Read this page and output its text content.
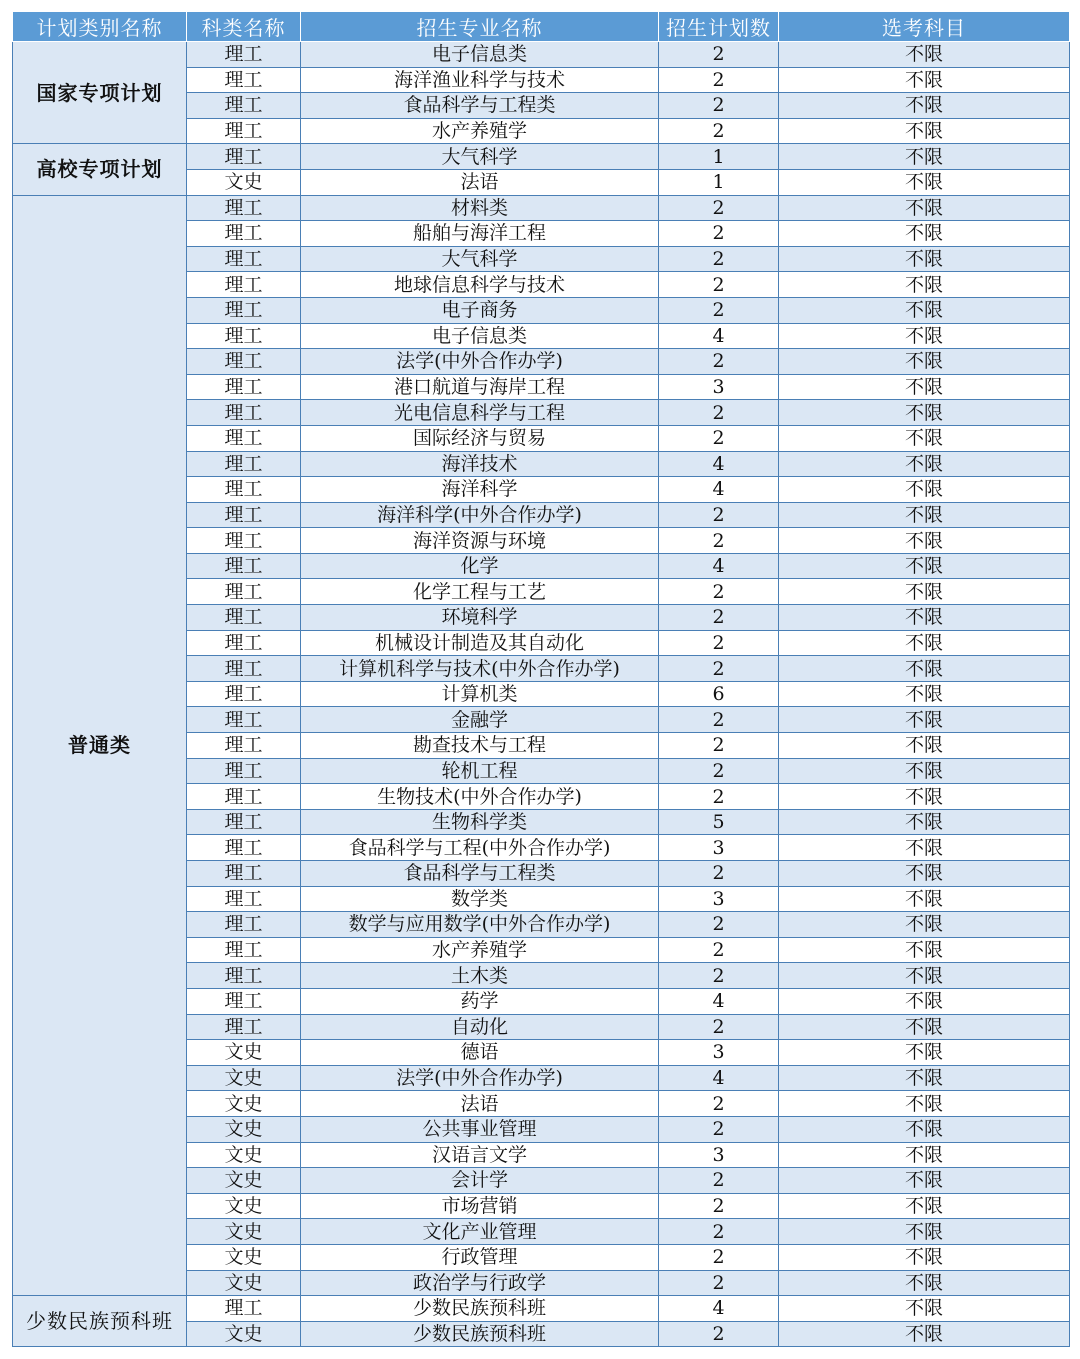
计划类别名称	科类名称	招生专业名称	招生计划数	选考科目
国家专项计划	理工	电子信息类	2	不限
	理工	海洋渔业科学与技术	2	不限
	理工	食品科学与工程类	2	不限
	理工	水产养殖学	2	不限
高校专项计划	理工	大气科学	1	不限
	文史	法语	1	不限
普通类	理工	材料类	2	不限
	理工	船舶与海洋工程	2	不限
	理工	大气科学	2	不限
	理工	地球信息科学与技术	2	不限
	理工	电子商务	2	不限
	理工	电子信息类	4	不限
	理工	法学(中外合作办学)	2	不限
	理工	港口航道与海岸工程	3	不限
	理工	光电信息科学与工程	2	不限
	理工	国际经济与贸易	2	不限
	理工	海洋技术	4	不限
	理工	海洋科学	4	不限
	理工	海洋科学(中外合作办学)	2	不限
	理工	海洋资源与环境	2	不限
	理工	化学	4	不限
	理工	化学工程与工艺	2	不限
	理工	环境科学	2	不限
	理工	机械设计制造及其自动化	2	不限
	理工	计算机科学与技术(中外合作办学)	2	不限
	理工	计算机类	6	不限
	理工	金融学	2	不限
	理工	勘查技术与工程	2	不限
	理工	轮机工程	2	不限
	理工	生物技术(中外合作办学)	2	不限
	理工	生物科学类	5	不限
	理工	食品科学与工程(中外合作办学)	3	不限
	理工	食品科学与工程类	2	不限
	理工	数学类	3	不限
	理工	数学与应用数学(中外合作办学)	2	不限
	理工	水产养殖学	2	不限
	理工	土木类	2	不限
	理工	药学	4	不限
	理工	自动化	2	不限
	文史	德语	3	不限
	文史	法学(中外合作办学)	4	不限
	文史	法语	2	不限
	文史	公共事业管理	2	不限
	文史	汉语言文学	3	不限
	文史	会计学	2	不限
	文史	市场营销	2	不限
	文史	文化产业管理	2	不限
	文史	行政管理	2	不限
	文史	政治学与行政学	2	不限
少数民族预科班	理工	少数民族预科班	4	不限
	文史	少数民族预科班	2	不限
